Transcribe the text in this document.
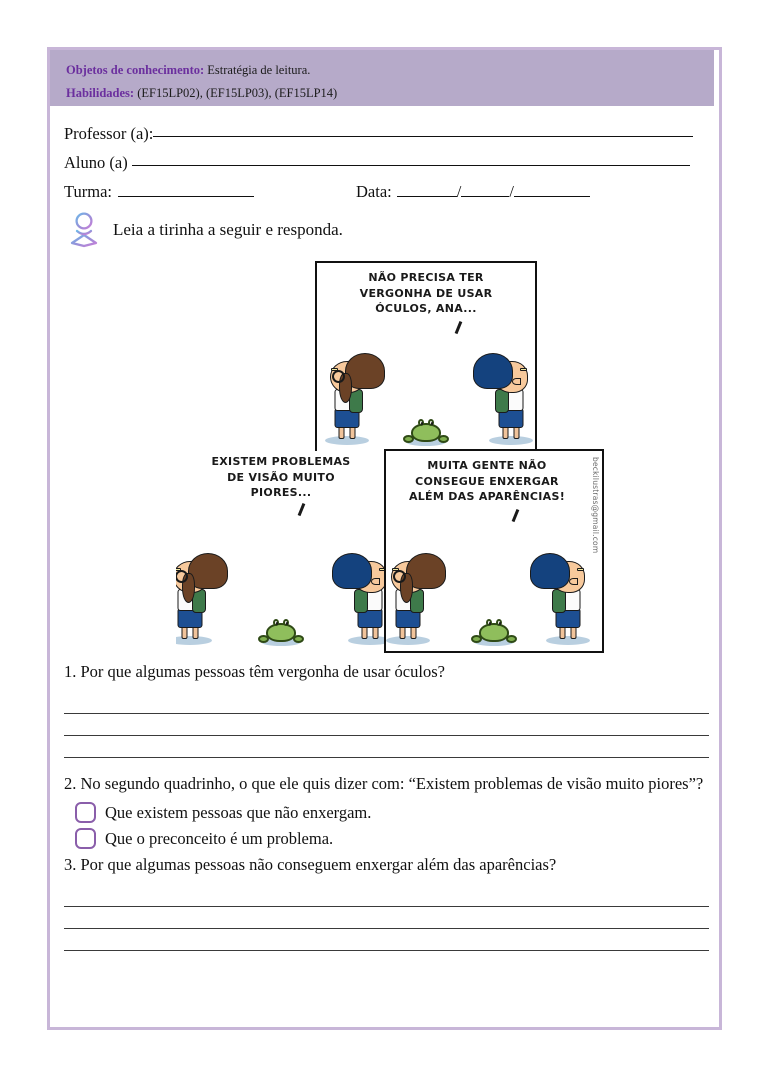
Objetos de conhecimento: Estratégia de leitura.
Habilidades: (EF15LP02), (EF15LP03), (EF15LP14)
Professor (a):
Aluno (a)
Turma:	Data:	/	/
Leia a tirinha a seguir e responda.
NÃO PRECISA TER
VERGONHA DE USAR
ÓCULOS, ANA...
EXISTEM PROBLEMAS
DE VISÃO MUITO
PIORES...
MUITA GENTE NÃO
CONSEGUE ENXERGAR
ALÉM DAS APARÊNCIAS!	beckilustras@gmail.com
1. Por que algumas pessoas têm vergonha de usar óculos?
2. No segundo quadrinho, o que ele quis dizer com: “Existem problemas de visão muito piores”?
Que existem pessoas que não enxergam.
Que o preconceito é um problema.
3. Por que algumas pessoas não conseguem enxergar além das aparências?
